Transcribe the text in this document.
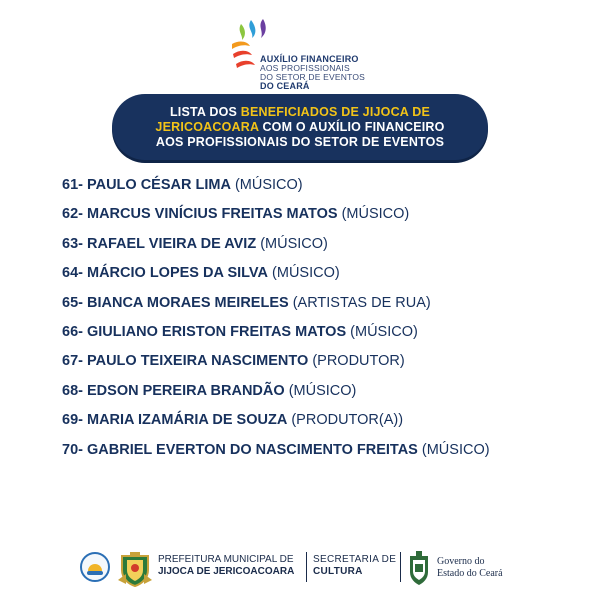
AUXÍLIO FINANCEIRO
AOS PROFISSIONAIS
DO SETOR DE EVENTOS
DO CEARÁ
LISTA DOS BENEFICIADOS DE JIJOCA DE
JERICOACOARA COM O AUXÍLIO FINANCEIRO
AOS PROFISSIONAIS DO SETOR DE EVENTOS
61- PAULO CÉSAR LIMA (MÚSICO)
62- MARCUS VINÍCIUS FREITAS MATOS (MÚSICO)
63- RAFAEL VIEIRA DE AVIZ (MÚSICO)
64- MÁRCIO LOPES DA SILVA (MÚSICO)
65- BIANCA MORAES MEIRELES (ARTISTAS DE RUA)
66- GIULIANO ERISTON FREITAS MATOS (MÚSICO)
67- PAULO TEIXEIRA NASCIMENTO (PRODUTOR)
68- EDSON PEREIRA BRANDÃO (MÚSICO)
69- MARIA IZAMÁRIA DE SOUZA (PRODUTOR(A))
70- GABRIEL EVERTON DO NASCIMENTO FREITAS (MÚSICO)
PREFEITURA MUNICIPAL DE
JIJOCA DE JERICOACOARA
SECRETARIA DE
CULTURA
Governo do
Estado do Ceará
